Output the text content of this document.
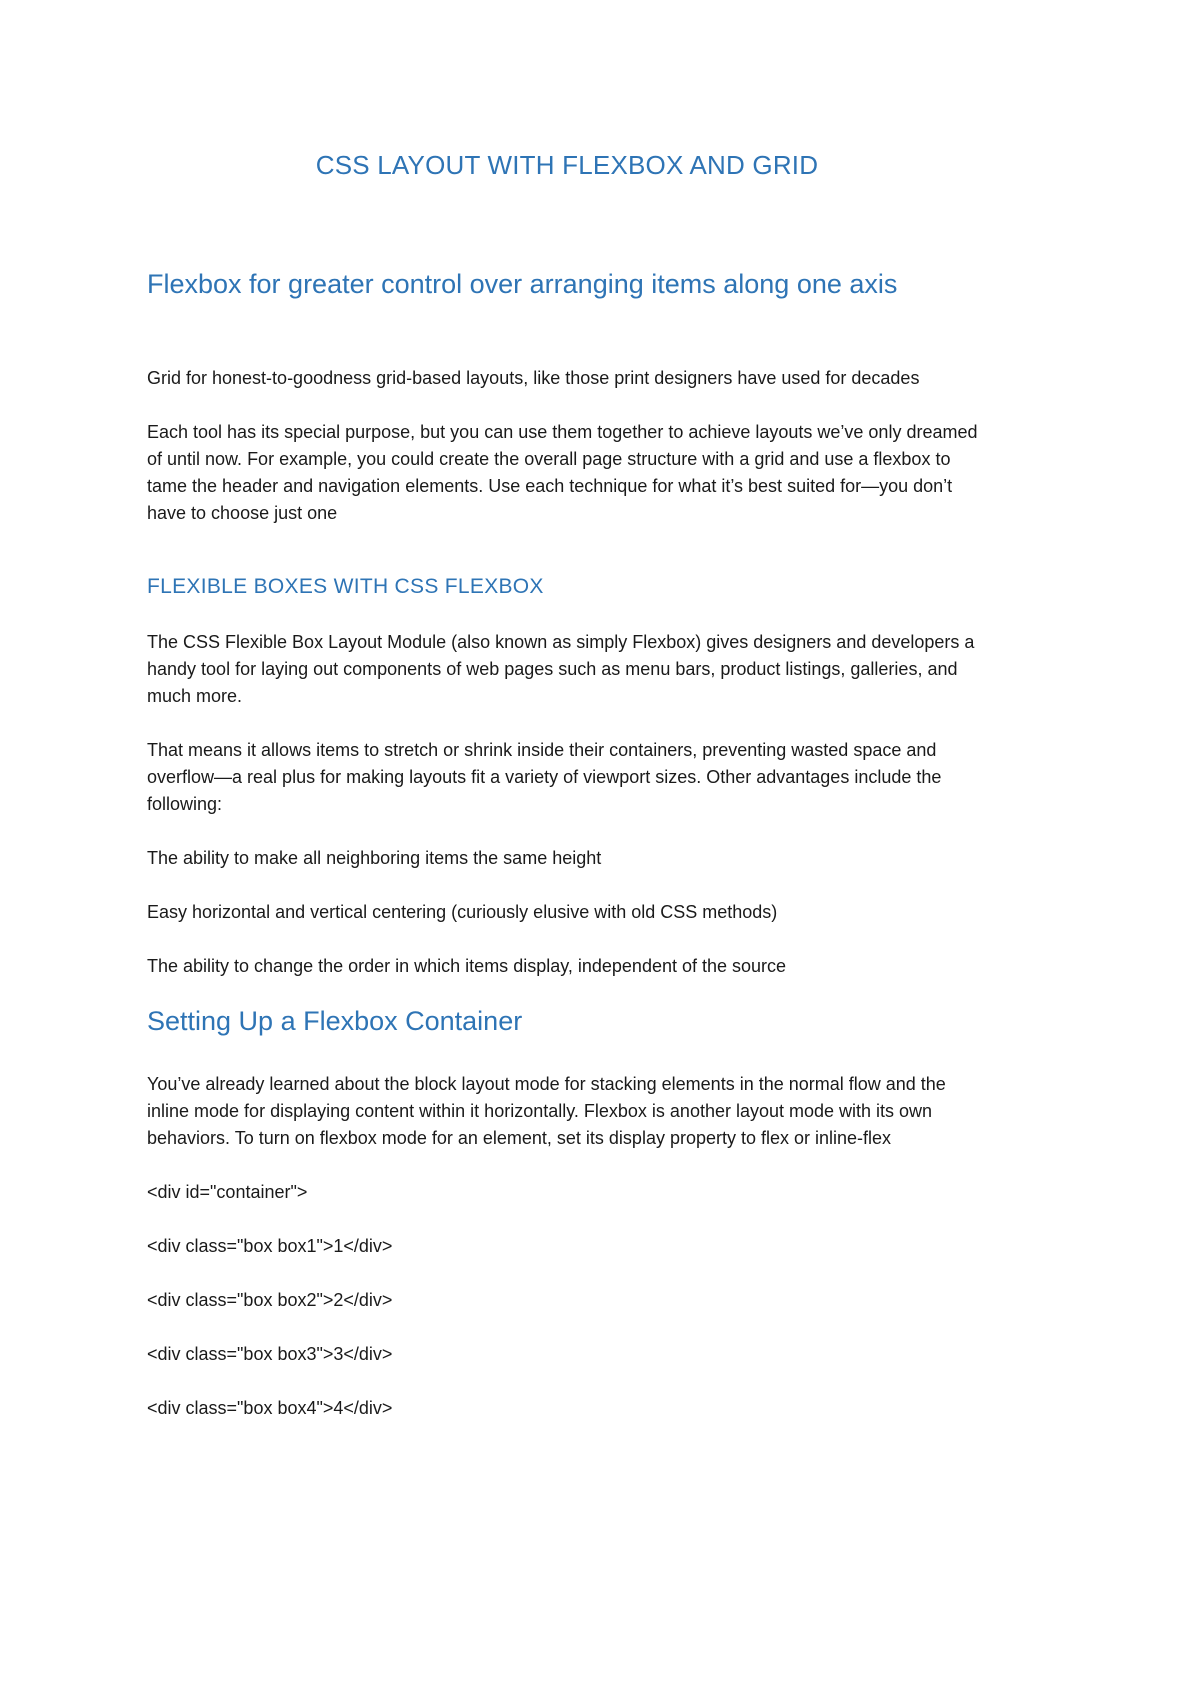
CSS LAYOUT WITH FLEXBOX AND GRID
Flexbox for greater control over arranging items along one axis

Grid for honest-to-goodness grid-based layouts, like those print designers have used for decades

Each tool has its special purpose, but you can use them together to achieve layouts we’ve only dreamed of until now. For example, you could create the overall page structure with a grid and use a flexbox to tame the header and navigation elements. Use each technique for what it’s best suited for—you don’t have to choose just one

FLEXIBLE BOXES WITH CSS FLEXBOX

The CSS Flexible Box Layout Module (also known as simply Flexbox) gives designers and developers a handy tool for laying out components of web pages such as menu bars, product listings, galleries, and much more.

That means it allows items to stretch or shrink inside their containers, preventing wasted space and overflow—a real plus for making layouts fit a variety of viewport sizes. Other advantages include the following:

The ability to make all neighboring items the same height

Easy horizontal and vertical centering (curiously elusive with old CSS methods)

The ability to change the order in which items display, independent of the source

Setting Up a Flexbox Container

You’ve already learned about the block layout mode for stacking elements in the normal flow and the inline mode for displaying content within it horizontally. Flexbox is another layout mode with its own behaviors. To turn on flexbox mode for an element, set its display property to flex or inline-flex

<div id="container">

<div class="box box1">1</div>

<div class="box box2">2</div>

<div class="box box3">3</div>

<div class="box box4">4</div>
